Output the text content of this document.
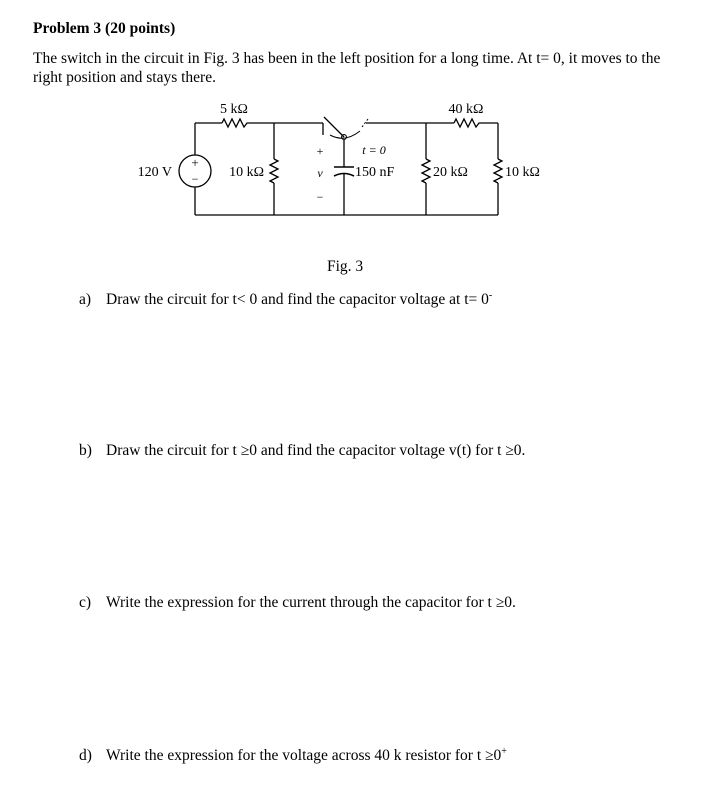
Problem 3 (20 points)
The switch in the circuit in Fig. 3 has been in the left position for a long time. At t= 0, it moves to the right position and stays there.
+
−
120 V
5 kΩ
10 kΩ
t = 0
150 nF
v
+
−
40 kΩ
20 kΩ	10 kΩ
Fig. 3
a) Draw the circuit for t< 0 and find the capacitor voltage at t= 0-
b) Draw the circuit for t ≥0 and find the capacitor voltage v(t) for t ≥0.
c) Write the expression for the current through the capacitor for t ≥0.
d) Write the expression for the voltage across 40 k resistor for t ≥0+
